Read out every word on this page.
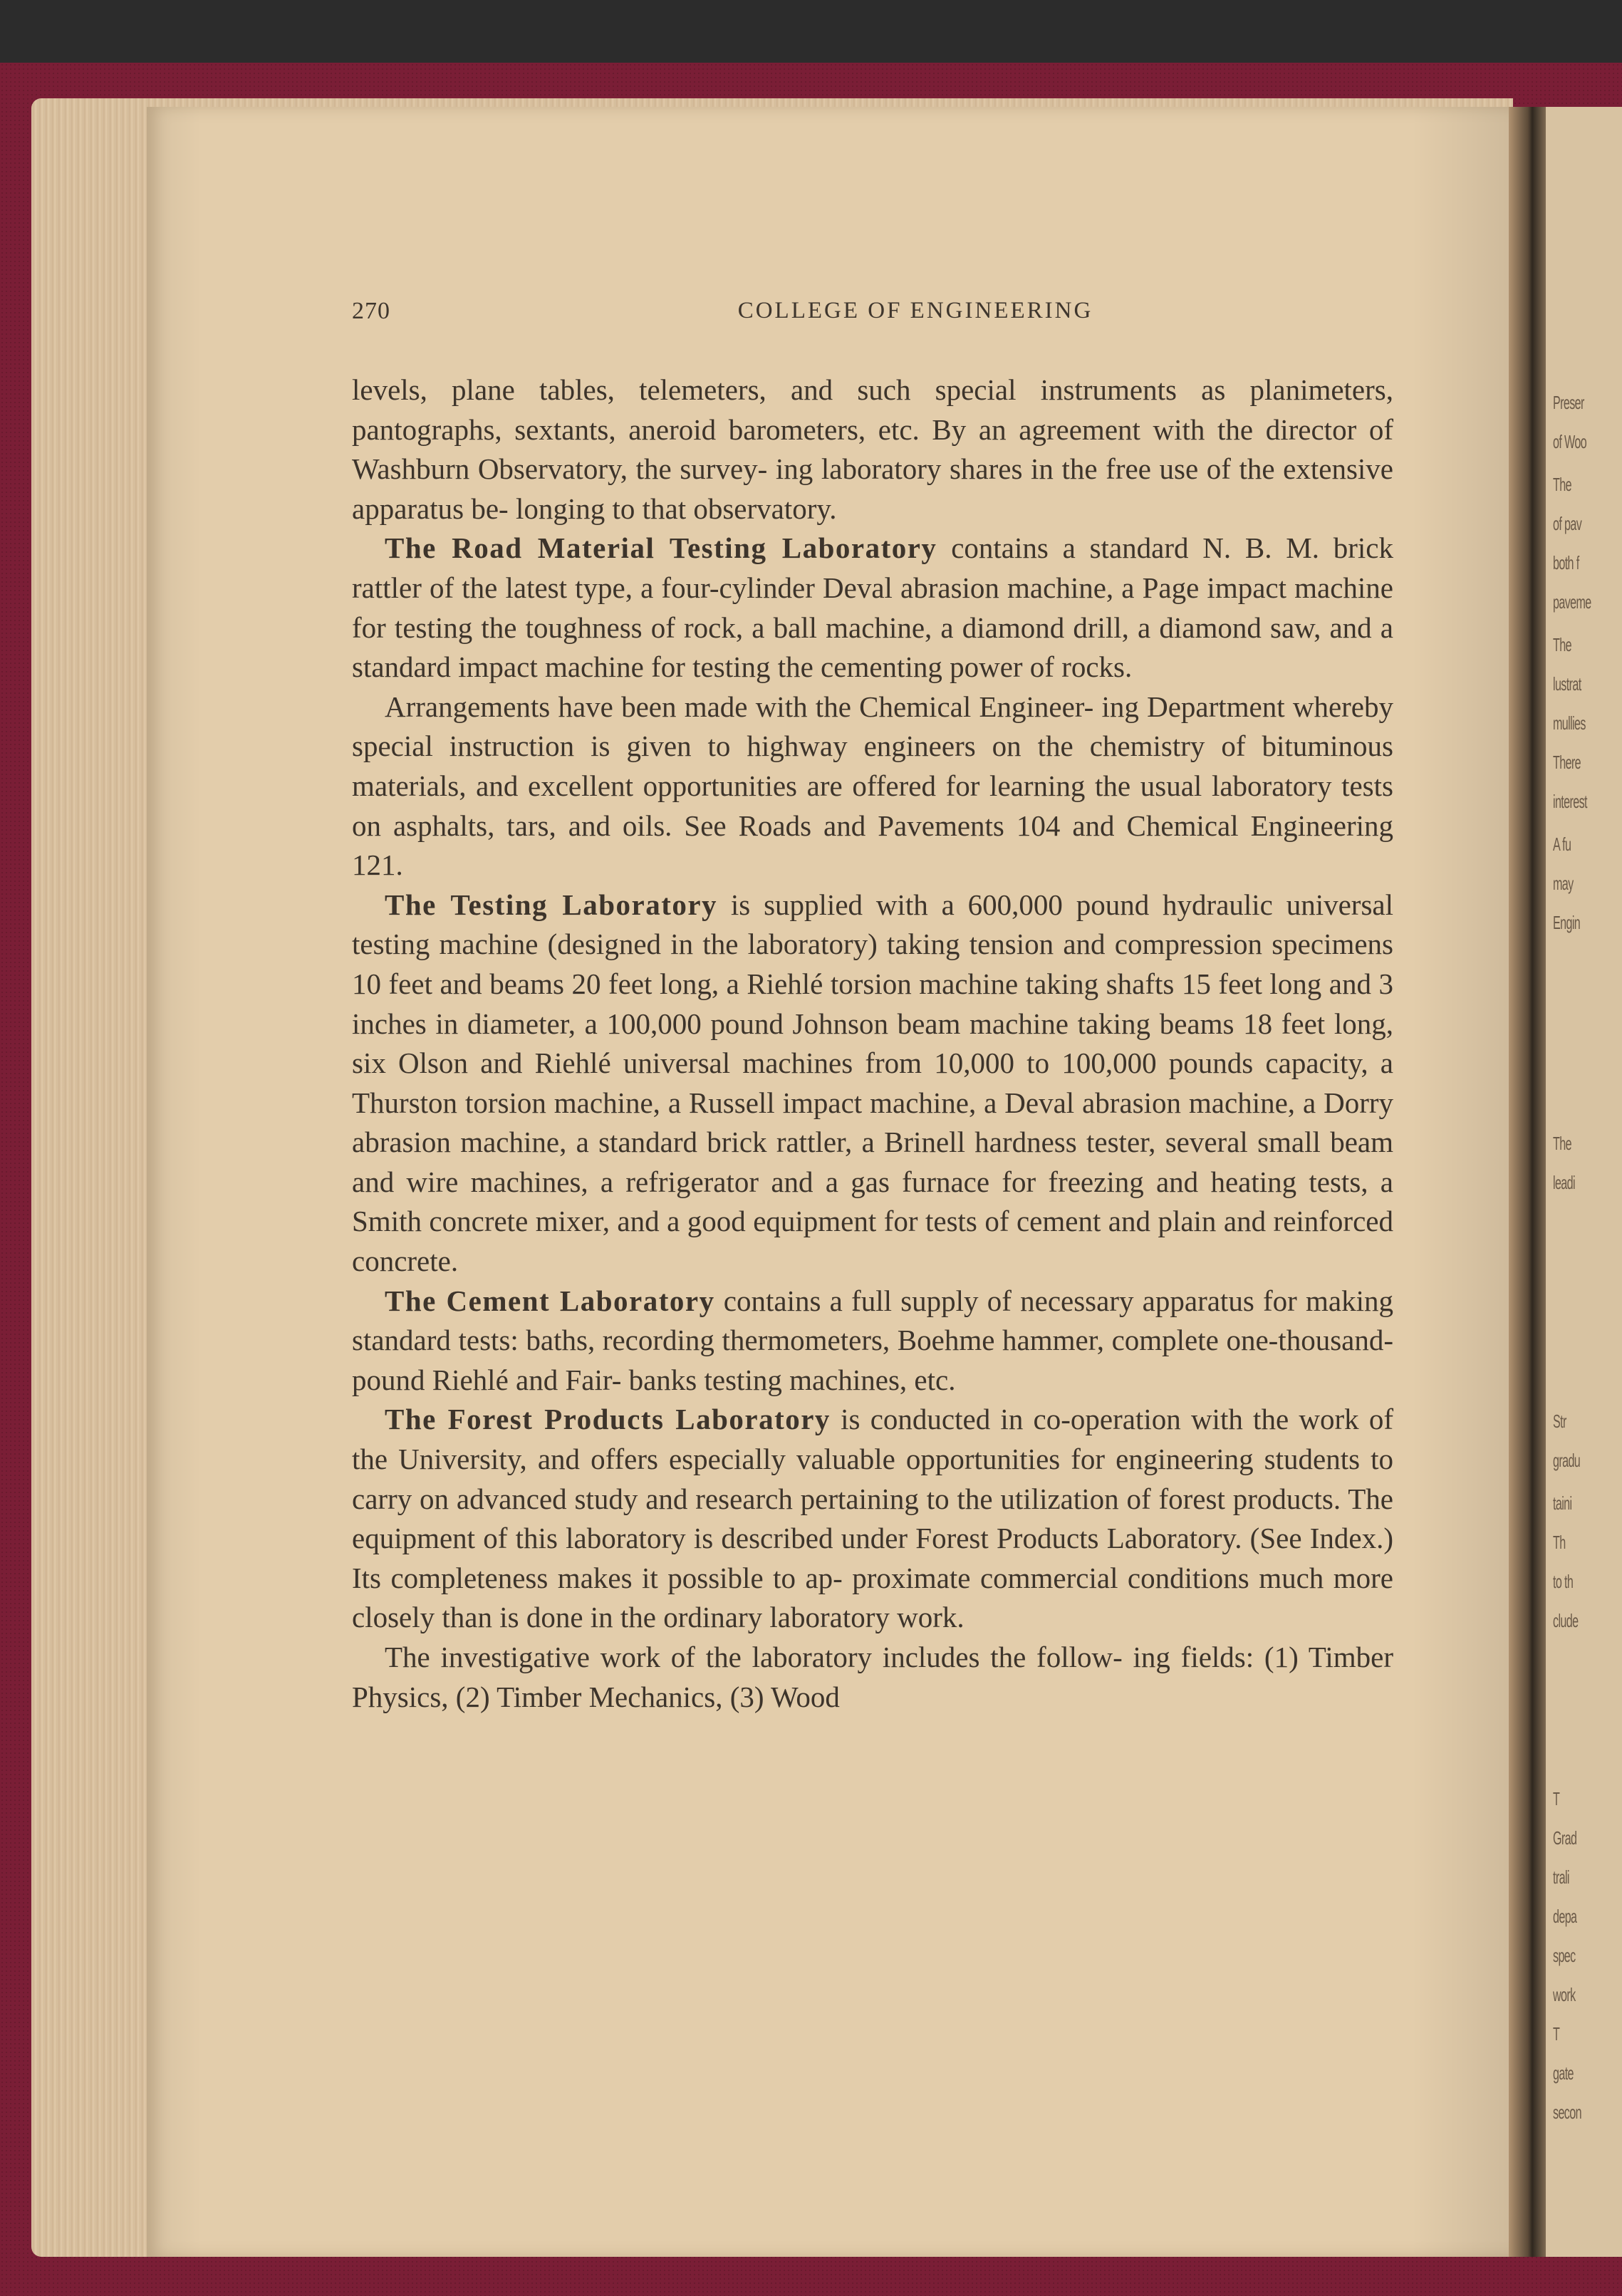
Preser
of Woo
The
of pav
both f
paveme
The
lustrat
mullies
There
interest
A fu
may
Engin
The
leadi
Str
gradu
taini
Th
to th
clude
T
Grad
trali
depa
spec
work
T
gate
secon
270	COLLEGE OF ENGINEERING

levels, plane tables, telemeters, and such special instruments as planimeters, pantographs, sextants, aneroid barometers, etc. By an agreement with the director of Washburn Observatory, the survey- ing laboratory shares in the free use of the extensive apparatus be- longing to that observatory.

The Road Material Testing Laboratory contains a standard N. B. M. brick rattler of the latest type, a four-cylinder Deval abrasion machine, a Page impact machine for testing the toughness of rock, a ball machine, a diamond drill, a diamond saw, and a standard impact machine for testing the cementing power of rocks.

Arrangements have been made with the Chemical Engineer- ing Department whereby special instruction is given to highway engineers on the chemistry of bituminous materials, and excellent opportunities are offered for learning the usual laboratory tests on asphalts, tars, and oils. See Roads and Pavements 104 and Chemical Engineering 121.

The Testing Laboratory is supplied with a 600,000 pound hydraulic universal testing machine (designed in the laboratory) taking tension and compression specimens 10 feet and beams 20 feet long, a Riehlé torsion machine taking shafts 15 feet long and 3 inches in diameter, a 100,000 pound Johnson beam machine taking beams 18 feet long, six Olson and Riehlé universal machines from 10,000 to 100,000 pounds capacity, a Thurston torsion machine, a Russell impact machine, a Deval abrasion machine, a Dorry abrasion machine, a standard brick rattler, a Brinell hardness tester, several small beam and wire machines, a refrigerator and a gas furnace for freezing and heating tests, a Smith concrete mixer, and a good equipment for tests of cement and plain and reinforced concrete.

The Cement Laboratory contains a full supply of necessary apparatus for making standard tests: baths, recording thermometers, Boehme hammer, complete one-thousand-pound Riehlé and Fair- banks testing machines, etc.

The Forest Products Laboratory is conducted in co-operation with the work of the University, and offers especially valuable opportunities for engineering students to carry on advanced study and research pertaining to the utilization of forest products. The equipment of this laboratory is described under Forest Products Laboratory. (See Index.) Its completeness makes it possible to ap- proximate commercial conditions much more closely than is done in the ordinary laboratory work.

The investigative work of the laboratory includes the follow- ing fields: (1) Timber Physics, (2) Timber Mechanics, (3) Wood
